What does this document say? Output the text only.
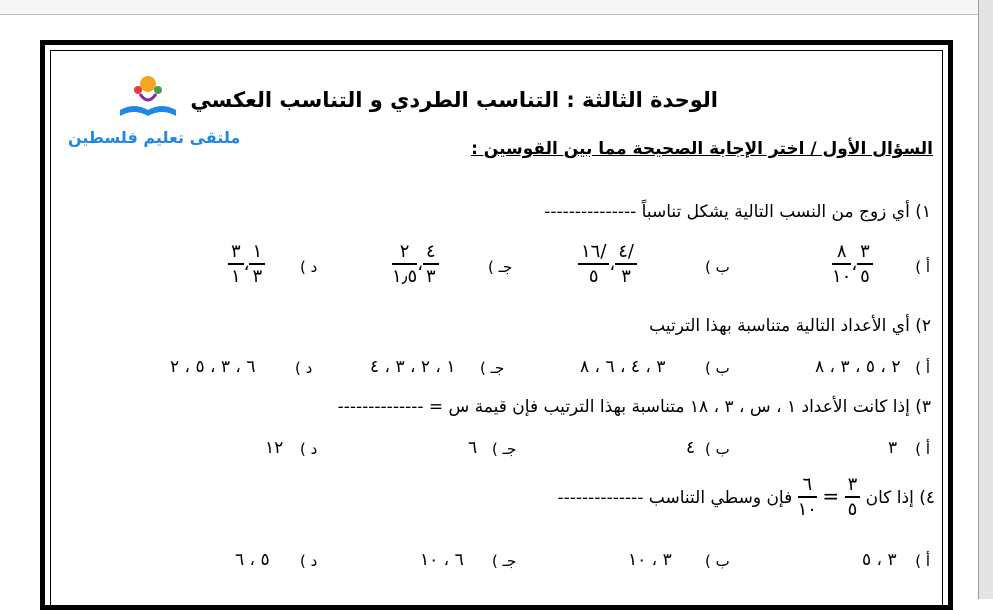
ملتقى تعليم فلسطين
الوحدة الثالثة : التناسب الطردي و التناسب العكسي
السؤال الأول / اختر الإجابة الصحيحة مما بين القوسين :
١) أي زوج من النسب التالية يشكل تناسباً ---------------
أ )
$\frac{٨}{١٠}$ ، $\frac{٣}{٥}$
ب )
$\frac{١٦/}{٥}$ ، $\frac{٤/}{٣}$
جـ )
$\frac{٢}{١٫٥}$ ، $\frac{٤}{٣}$
د )
$\frac{٣}{١}$ ، $\frac{١}{٣}$
٢) أي الأعداد التالية متناسبة بهذا الترتيب
أ )
٢ ، ٥ ، ٣ ، ٨
ب )
٣ ، ٤ ، ٦ ، ٨
جـ )
١ ، ٢ ، ٣ ، ٤
د )
٦ ، ٣ ، ٥ ، ٢
٣) إذا كانت الأعداد ١ ، س ، ٣ ، ١٨ متناسبة بهذا الترتيب فإن قيمة س = --------------
أ )
٣
ب )
٤
جـ )
٦
د )
١٢
٤) إذا كان
$\frac{٣}{٥}$
=
$\frac{٦}{١٠}$
فإن وسطي التناسب --------------
أ )
٣ ، ٥
ب )
٣ ، ١٠
جـ )
٦ ، ١٠
د )
٥ ، ٦
